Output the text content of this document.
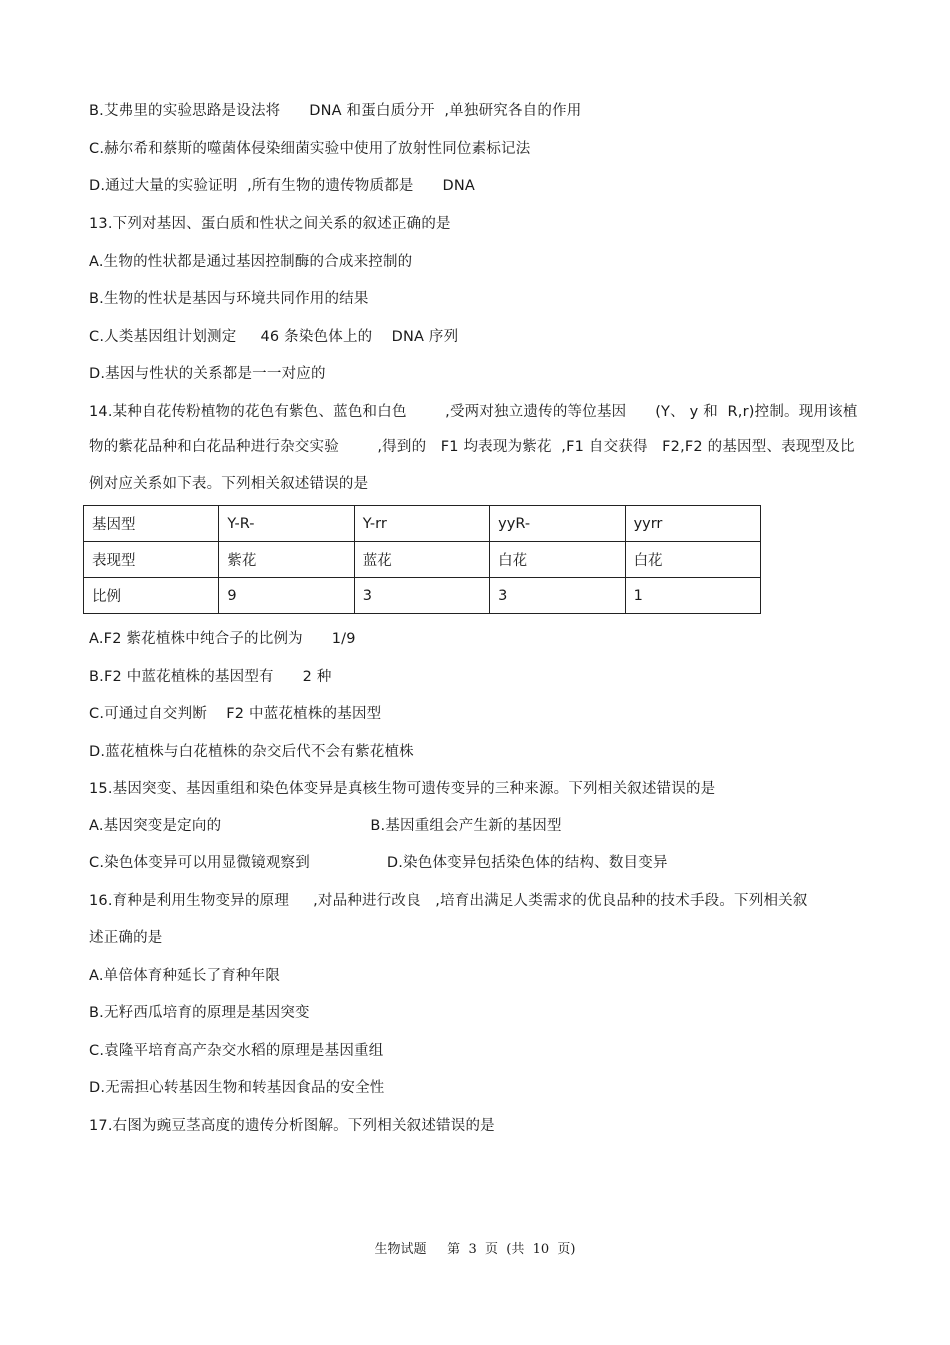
B.艾弗里的实验思路是设法将      DNA 和蛋白质分开  ,单独研究各自的作用
C.赫尔希和蔡斯的噬菌体侵染细菌实验中使用了放射性同位素标记法
D.通过大量的实验证明  ,所有生物的遗传物质都是      DNA
13.下列对基因、蛋白质和性状之间关系的叙述正确的是
A.生物的性状都是通过基因控制酶的合成来控制的
B.生物的性状是基因与环境共同作用的结果
C.人类基因组计划测定     46 条染色体上的    DNA 序列
D.基因与性状的关系都是一一对应的
14.某种自花传粉植物的花色有紫色、蓝色和白色        ,受两对独立遗传的等位基因      (Y、 y 和  R,r)控制。现用该植
物的紫花品种和白花品种进行杂交实验        ,得到的   F1 均表现为紫花  ,F1 自交获得   F2,F2 的基因型、表现型及比
例对应关系如下表。下列相关叙述错误的是
基因型	Y-R-	Y-rr	yyR-	yyrr
表现型	紫花	蓝花	白花	白花
比例	9	3	3	1
A.F2 紫花植株中纯合子的比例为      1/9
B.F2 中蓝花植株的基因型有      2 种
C.可通过自交判断    F2 中蓝花植株的基因型
D.蓝花植株与白花植株的杂交后代不会有紫花植株
15.基因突变、基因重组和染色体变异是真核生物可遗传变异的三种来源。下列相关叙述错误的是
A.基因突变是定向的                               B.基因重组会产生新的基因型
C.染色体变异可以用显微镜观察到                D.染色体变异包括染色体的结构、数目变异
16.育种是利用生物变异的原理     ,对品种进行改良   ,培育出满足人类需求的优良品种的技术手段。下列相关叙
述正确的是
A.单倍体育种延长了育种年限
B.无籽西瓜培育的原理是基因突变
C.袁隆平培育高产杂交水稻的原理是基因重组
D.无需担心转基因生物和转基因食品的安全性
17.右图为豌豆茎高度的遗传分析图解。下列相关叙述错误的是
生物试题     第  3  页  (共  10  页)
